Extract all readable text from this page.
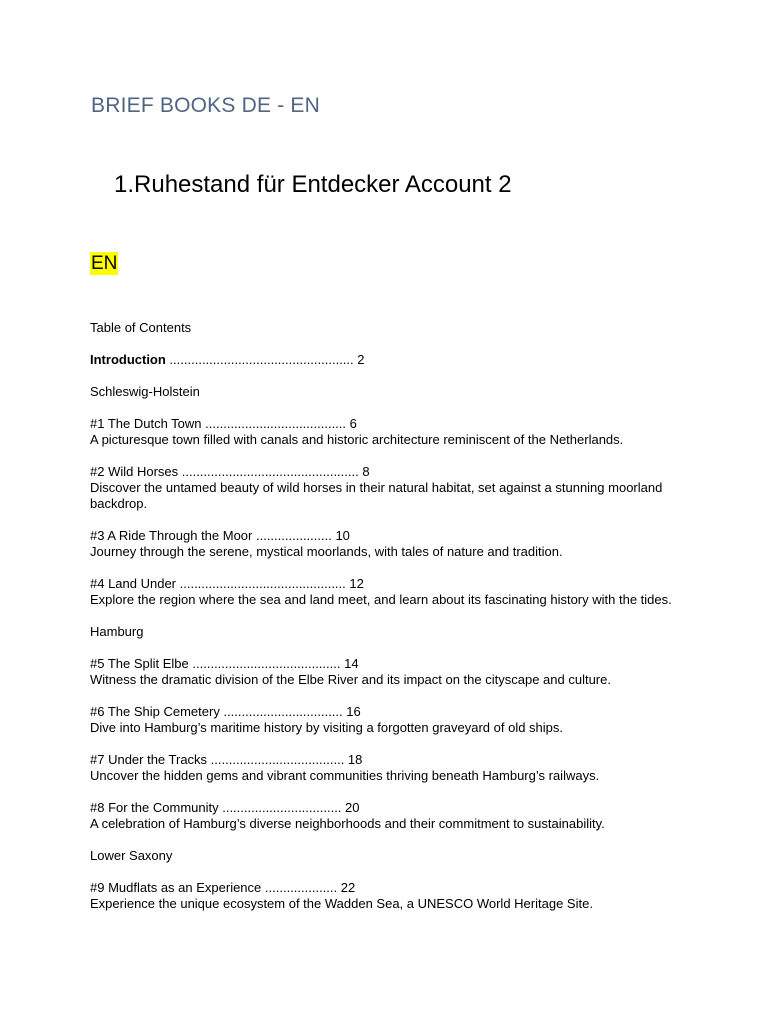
BRIEF BOOKS DE - EN
1.Ruhestand für Entdecker Account 2
EN

Table of Contents

Introduction ................................................... 2

Schleswig-Holstein

#1 The Dutch Town ....................................... 6
A picturesque town filled with canals and historic architecture reminiscent of the Netherlands.
#2 Wild Horses ................................................. 8
Discover the untamed beauty of wild horses in their natural habitat, set against a stunning moorland backdrop.
#3 A Ride Through the Moor ..................... 10
Journey through the serene, mystical moorlands, with tales of nature and tradition.
#4 Land Under .............................................. 12
Explore the region where the sea and land meet, and learn about its fascinating history with the tides.

Hamburg

#5 The Split Elbe ......................................... 14
Witness the dramatic division of the Elbe River and its impact on the cityscape and culture.
#6 The Ship Cemetery ................................. 16
Dive into Hamburg’s maritime history by visiting a forgotten graveyard of old ships.
#7 Under the Tracks ..................................... 18
Uncover the hidden gems and vibrant communities thriving beneath Hamburg’s railways.
#8 For the Community ................................. 20
A celebration of Hamburg’s diverse neighborhoods and their commitment to sustainability.

Lower Saxony

#9 Mudflats as an Experience .................... 22
Experience the unique ecosystem of the Wadden Sea, a UNESCO World Heritage Site.
